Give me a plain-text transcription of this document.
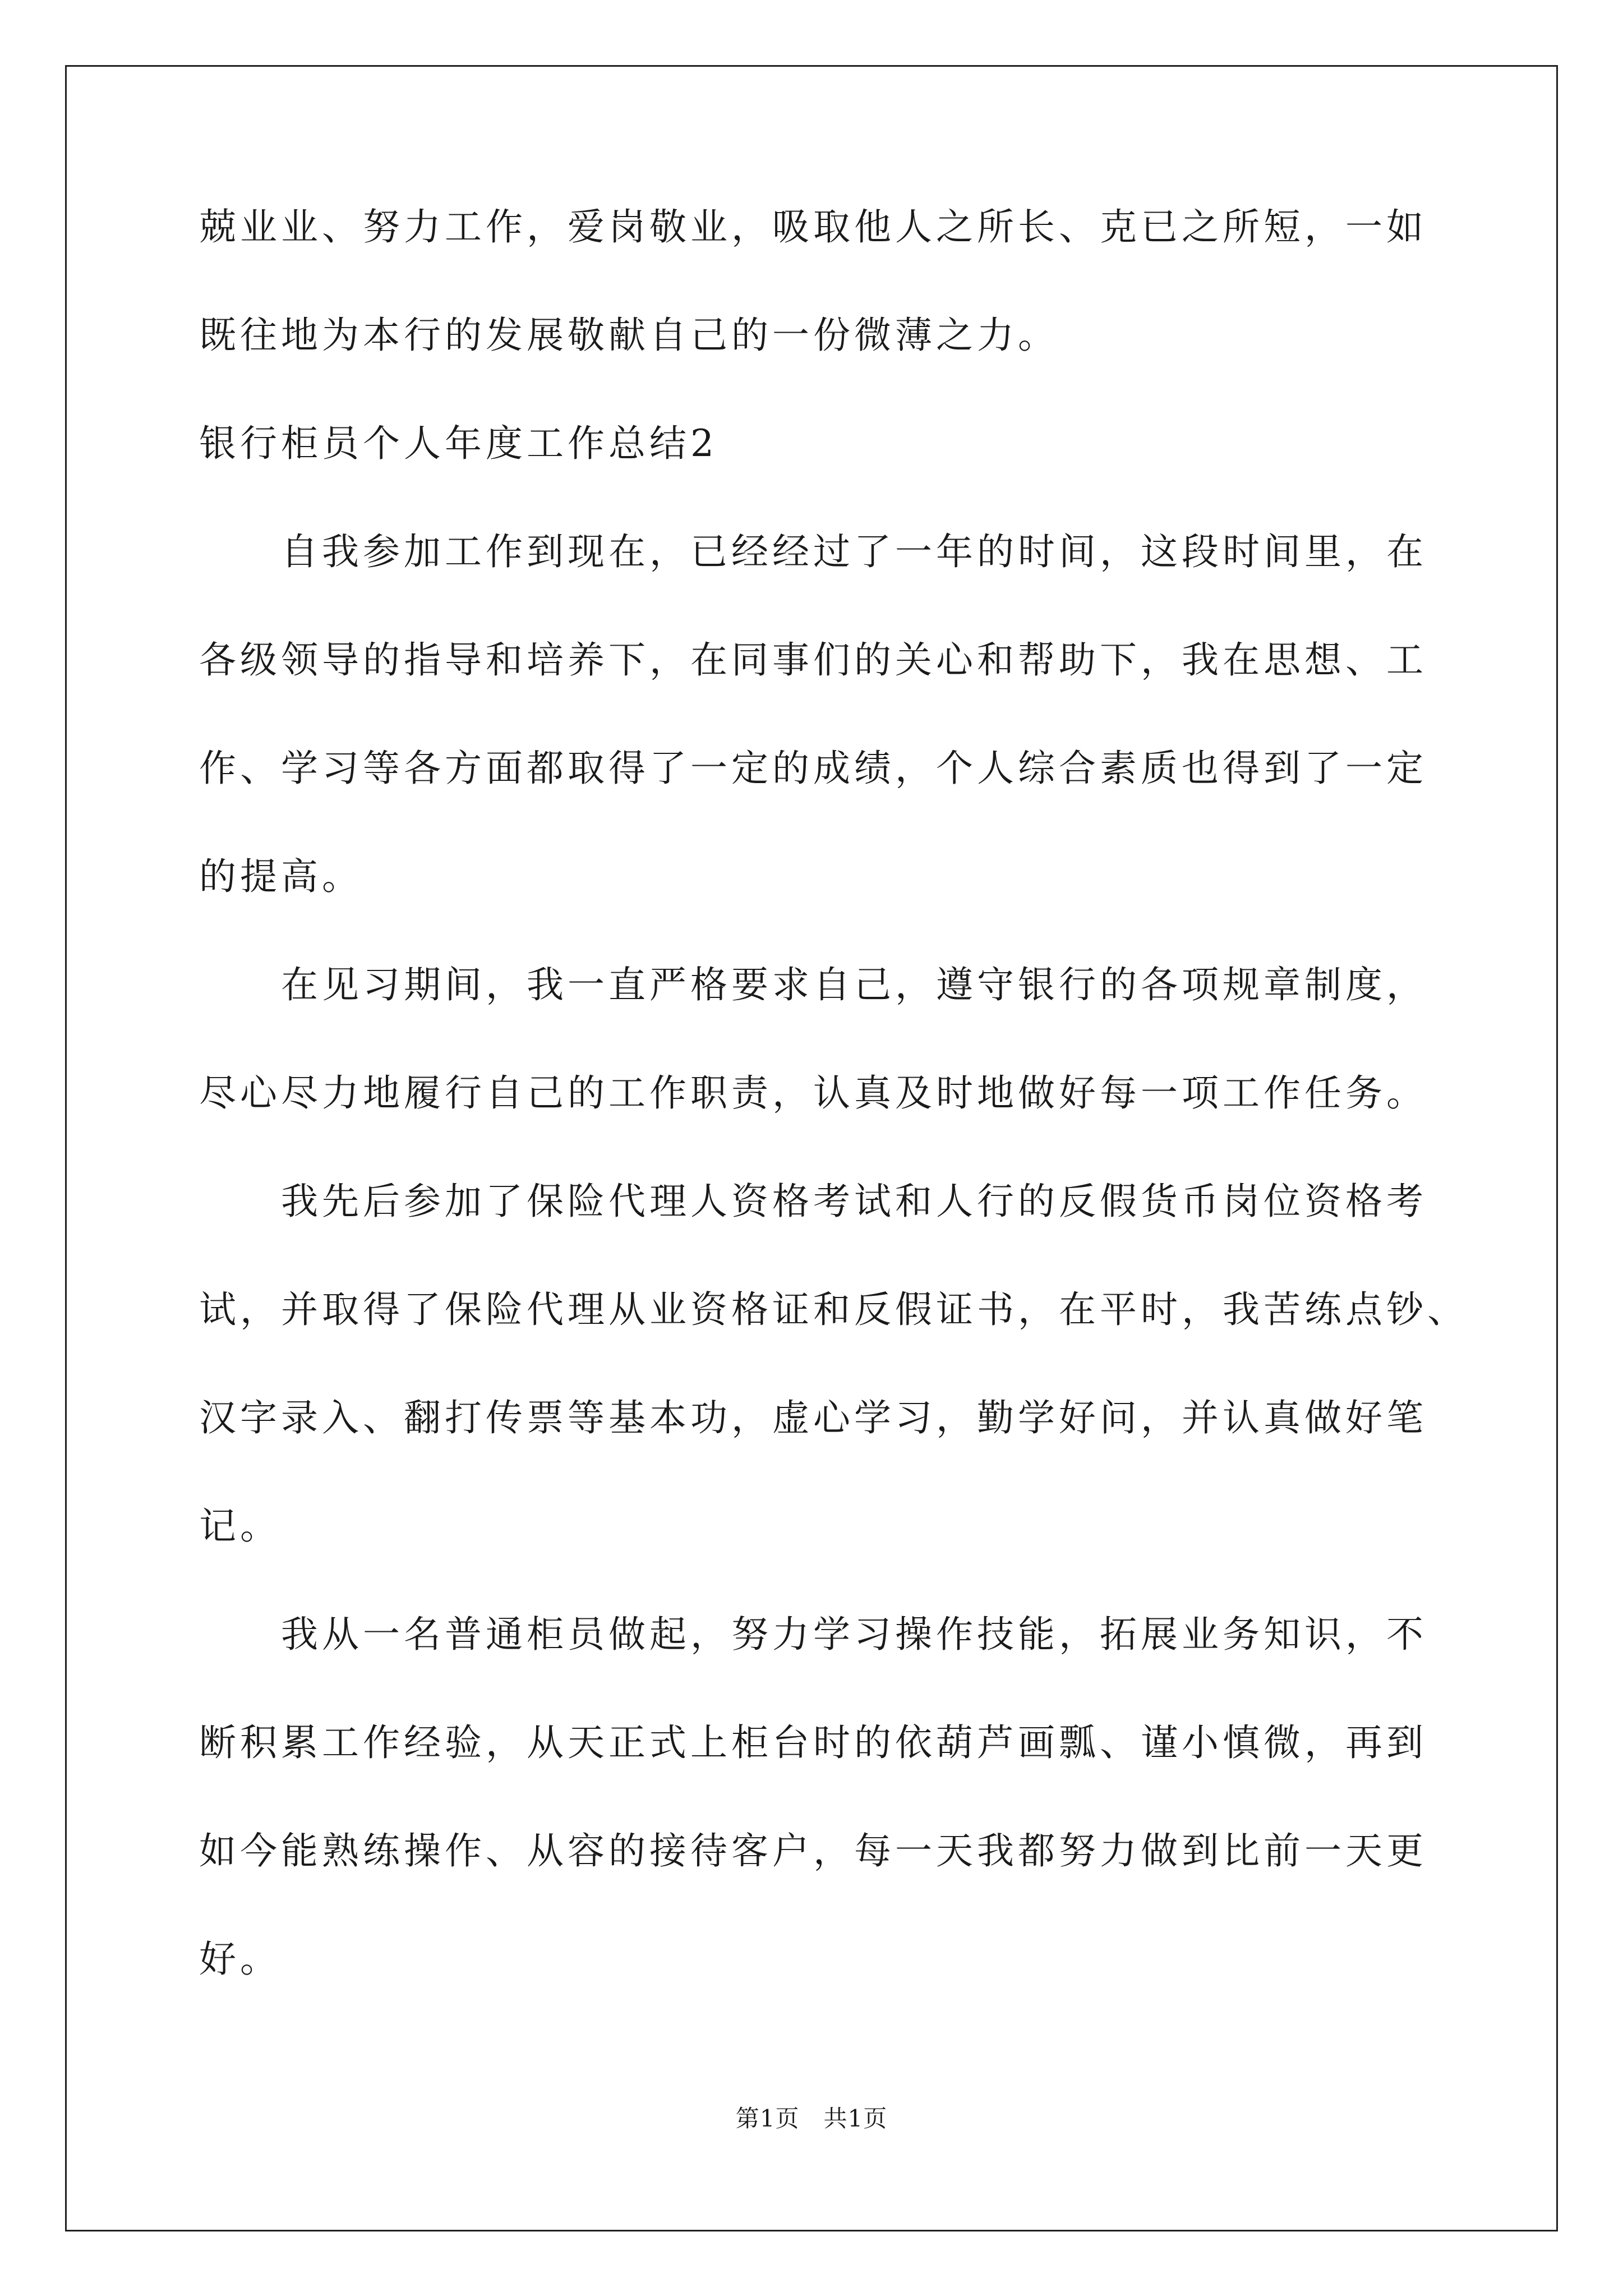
兢业业、努力工作，爱岗敬业，吸取他人之所长、克已之所短，一如
既往地为本行的发展敬献自己的一份微薄之力。
银行柜员个人年度工作总结2
　　自我参加工作到现在，已经经过了一年的时间，这段时间里，在
各级领导的指导和培养下，在同事们的关心和帮助下，我在思想、工
作、学习等各方面都取得了一定的成绩，个人综合素质也得到了一定
的提高。
　　在见习期间，我一直严格要求自己，遵守银行的各项规章制度，
尽心尽力地履行自己的工作职责，认真及时地做好每一项工作任务。
　　我先后参加了保险代理人资格考试和人行的反假货币岗位资格考
试，并取得了保险代理从业资格证和反假证书，在平时，我苦练点钞、
汉字录入、翻打传票等基本功，虚心学习，勤学好问，并认真做好笔
记。
　　我从一名普通柜员做起，努力学习操作技能，拓展业务知识，不
断积累工作经验，从天正式上柜台时的依葫芦画瓢、谨小慎微，再到
如今能熟练操作、从容的接待客户，每一天我都努力做到比前一天更
好。
第1页　共1页
